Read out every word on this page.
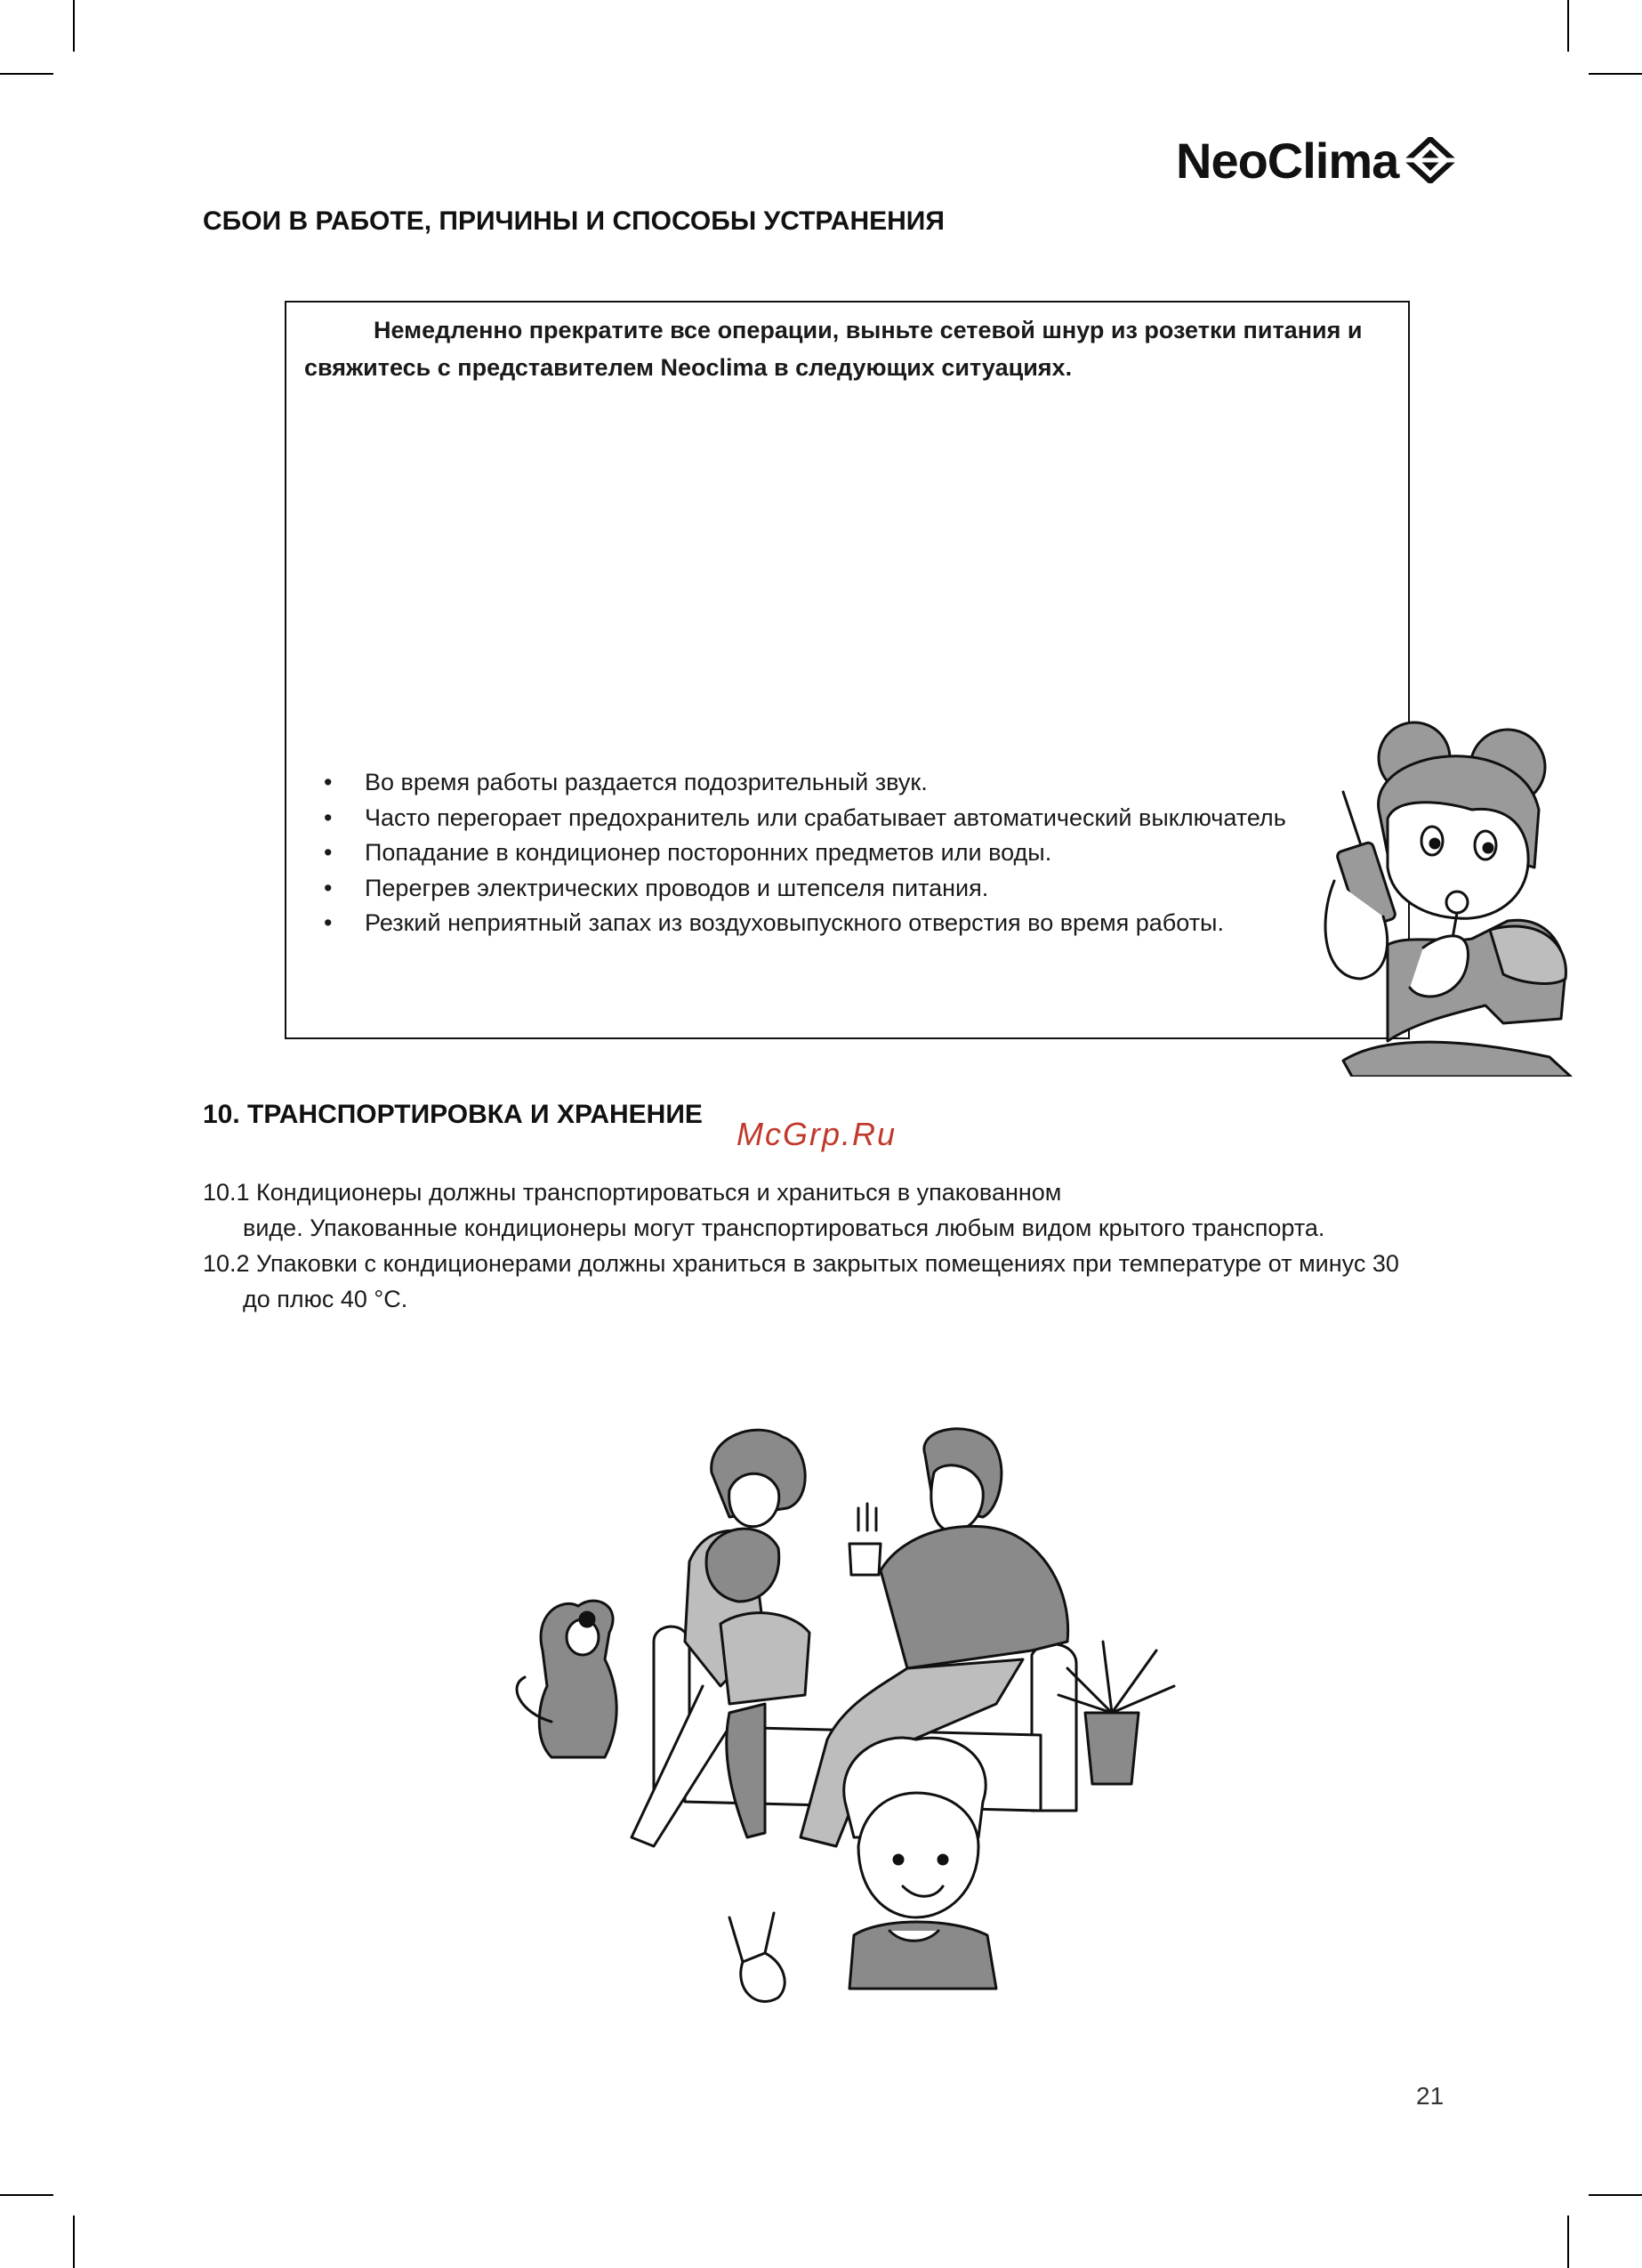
NeoClima
СБОИ В РАБОТЕ, ПРИЧИНЫ И СПОСОБЫ УСТРАНЕНИЯ

Немедленно прекратите все операции, выньте сетевой шнур из розетки питания и свяжитесь с представителем Neoclima в следующих ситуациях.

• Во время работы раздается подозрительный звук.
• Часто перегорает предохранитель или срабатывает автоматический выключатель
• Попадание в кондиционер посторонних предметов или воды.
• Перегрев электрических проводов и штепселя питания.
• Резкий неприятный запах из воздуховыпускного отверстия во время работы.
10. ТРАНСПОРТИРОВКА И ХРАНЕНИЕ
McGrp.Ru

10.1 Кондиционеры должны транспортироваться и храниться в упакованном
виде. Упакованные кондиционеры могут транспортироваться любым видом крытого транспорта.

10.2 Упаковки с кондиционерами должны храниться в закрытых помещениях при температуре от минус 30
до плюс 40 °С.

21
